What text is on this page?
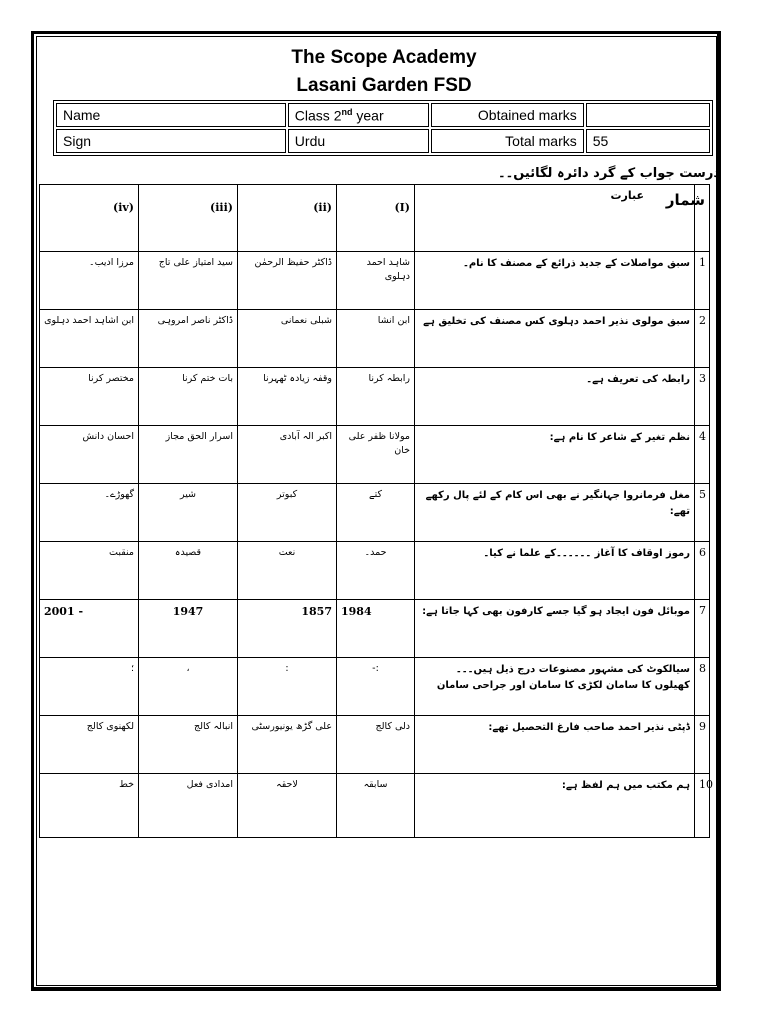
The Scope Academy
Lasani Garden FSD
Name	Class 2nd year	Obtained marks	
Sign	Urdu	Total marks	55
درست جواب کے گرد دائرہ لگائیں۔۔
(iv)	(iii)	(ii)	(I)	عبارت	شمار
مرزا ادیب۔	سید امتیاز علی تاج	ڈاکٹر حفیظ الرحمٰن	شاہد احمد دہلوی	سبق مواصلات کے جدید ذرائع کے مصنف کا نام۔	1
ابن اشاہد احمد دہلوی	ڈاکٹر ناصر امروہی	شبلی نعمانی	ابن انشا	سبق مولوی نذیر احمد دہلوی کس مصنف کی تخلیق ہے	2
مختصر کرنا	بات ختم کرنا	وقفہ زیادہ ٹھہرنا	رابطہ کرنا	رابطہ کی تعریف ہے۔	3
احسان دانش	اسرار الحق مجاز	اکبر الہ آبادی	مولانا ظفر علی خان	نظم تغیر کے شاعر کا نام ہے:	4
گھوڑے۔	شیر	کبوتر	کتے	مغل فرمانروا جہانگیر نے بھی اس کام کے لئے پال رکھے تھے:	5
منقبت	قصیدہ	نعت	حمد۔	رموز اوقاف کا آغاز ۔۔۔۔۔۔کے علما نے کیا۔	6
2001 -	1947	1857	1984	موبائل فون ایجاد ہو گیا جسے کارفون بھی کہا جاتا ہے:	7
؛	،	:	:-	سیالکوٹ کی مشہور مصنوعات درج ذیل ہیں۔۔۔ کھیلوں کا سامان لکڑی کا سامان اور جراحی سامان	8
لکھنوی کالج	انبالہ کالج	علی گڑھ یونیورسٹی	دلی کالج	ڈپٹی نذیر احمد صاحب فارغ التحصیل تھے:	9
خط	امدادی فعل	لاحقہ	سابقہ	ہم مکتب میں ہم لفظ ہے:	10
